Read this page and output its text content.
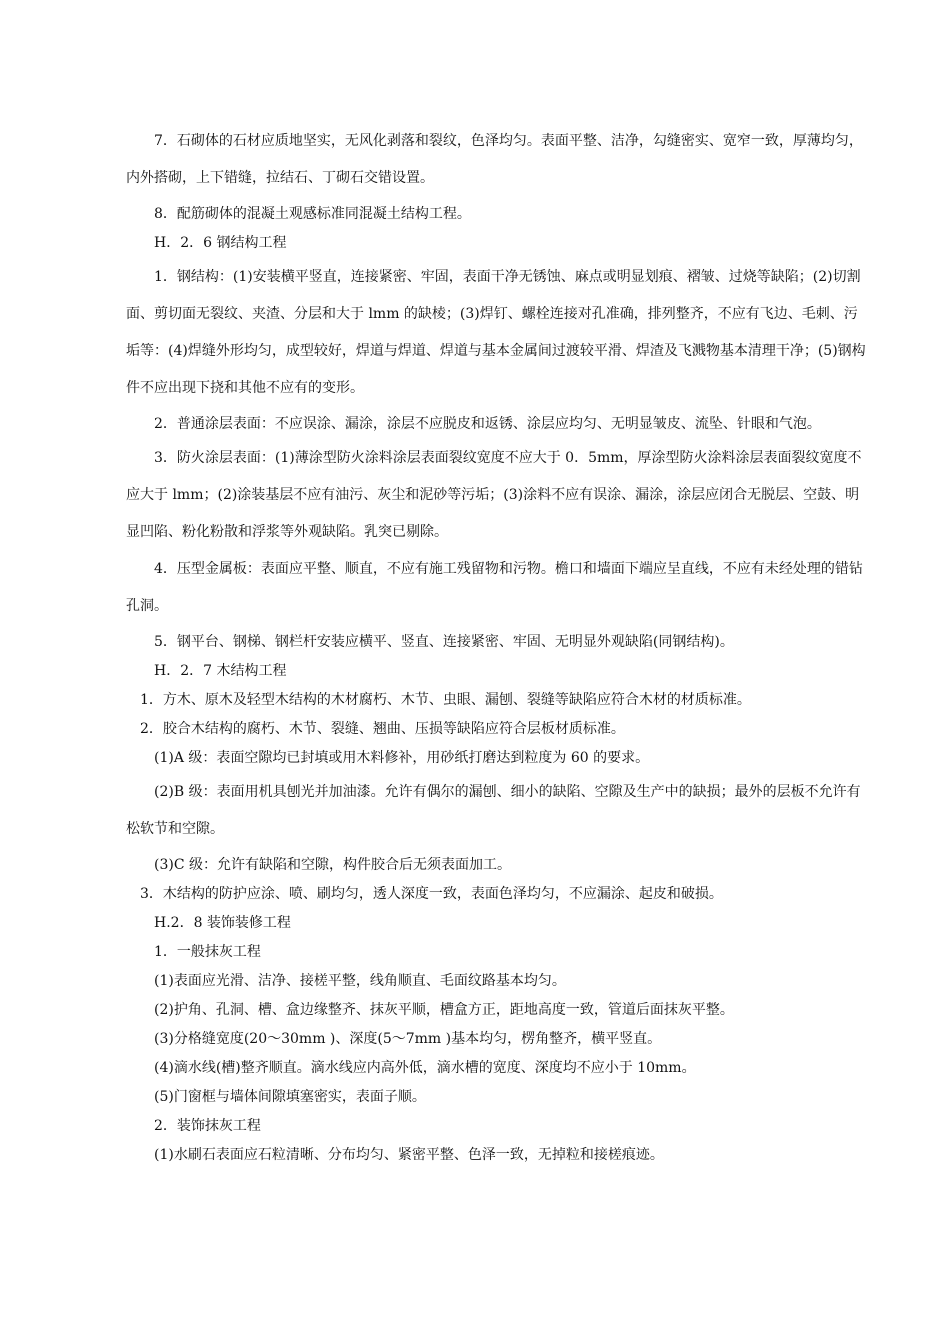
7．石砌体的石材应质地坚实，无风化剥落和裂纹，色泽均匀。表面平整、洁净，勾缝密实、宽窄一致，厚薄均匀，内外搭砌，上下错缝，拉结石、丁砌石交错设置。

8．配筋砌体的混凝土观感标准同混凝土结构工程。

H．2．6 钢结构工程

1．钢结构：(1)安装横平竖直，连接紧密、牢固，表面干净无锈蚀、麻点或明显划痕、褶皱、过烧等缺陷；(2)切割面、剪切面无裂纹、夹渣、分层和大于 lmm 的缺棱；(3)焊钉、螺栓连接对孔准确，排列整齐，不应有飞边、毛刺、污垢等：(4)焊缝外形均匀，成型较好，焊道与焊道、焊道与基本金属间过渡较平滑、焊渣及飞溅物基本清理干净；(5)钢构件不应出现下挠和其他不应有的变形。

2．普通涂层表面：不应误涂、漏涂，涂层不应脱皮和返锈、涂层应均匀、无明显皱皮、流坠、针眼和气泡。

3．防火涂层表面：(1)薄涂型防火涂料涂层表面裂纹宽度不应大于 0．5mm，厚涂型防火涂料涂层表面裂纹宽度不应大于 lmm；(2)涂装基层不应有油污、灰尘和泥砂等污垢；(3)涂料不应有误涂、漏涂，涂层应闭合无脱层、空鼓、明显凹陷、粉化粉散和浮浆等外观缺陷。乳突已剔除。

4．压型金属板：表面应平整、顺直，不应有施工残留物和污物。檐口和墙面下端应呈直线，不应有未经处理的错钻孔洞。

5．钢平台、钢梯、钢栏杆安装应横平、竖直、连接紧密、牢固、无明显外观缺陷(同钢结构)。

H．2．7 木结构工程

1．方木、原木及轻型木结构的木材腐朽、木节、虫眼、漏刨、裂缝等缺陷应符合木材的材质标准。

2．胶合木结构的腐朽、木节、裂缝、翘曲、压损等缺陷应符合层板材质标准。

(1)A 级：表面空隙均已封填或用木料修补，用砂纸打磨达到粒度为 60 的要求。

(2)B 级：表面用机具刨光并加油漆。允许有偶尔的漏刨、细小的缺陷、空隙及生产中的缺损；最外的层板不允许有松软节和空隙。

(3)C 级：允许有缺陷和空隙，构件胶合后无须表面加工。

3．木结构的防护应涂、喷、刷均匀，透人深度一致，表面色泽均匀，不应漏涂、起皮和破损。

H.2．8 装饰装修工程

1．一般抹灰工程

(1)表面应光滑、洁净、接槎平整，线角顺直、毛面纹路基本均匀。

(2)护角、孔洞、槽、盒边缘整齐、抹灰平顺，槽盒方正，距地高度一致，管道后面抹灰平整。

(3)分格缝宽度(20～30mm )、深度(5～7mm )基本均匀，楞角整齐，横平竖直。

(4)滴水线(槽)整齐顺直。滴水线应内高外低，滴水槽的宽度、深度均不应小于 10mm。

(5)门窗框与墙体间隙填塞密实，表面子顺。

2．装饰抹灰工程

(1)水刷石表面应石粒清晰、分布均匀、紧密平整、色泽一致，无掉粒和接槎痕迹。
